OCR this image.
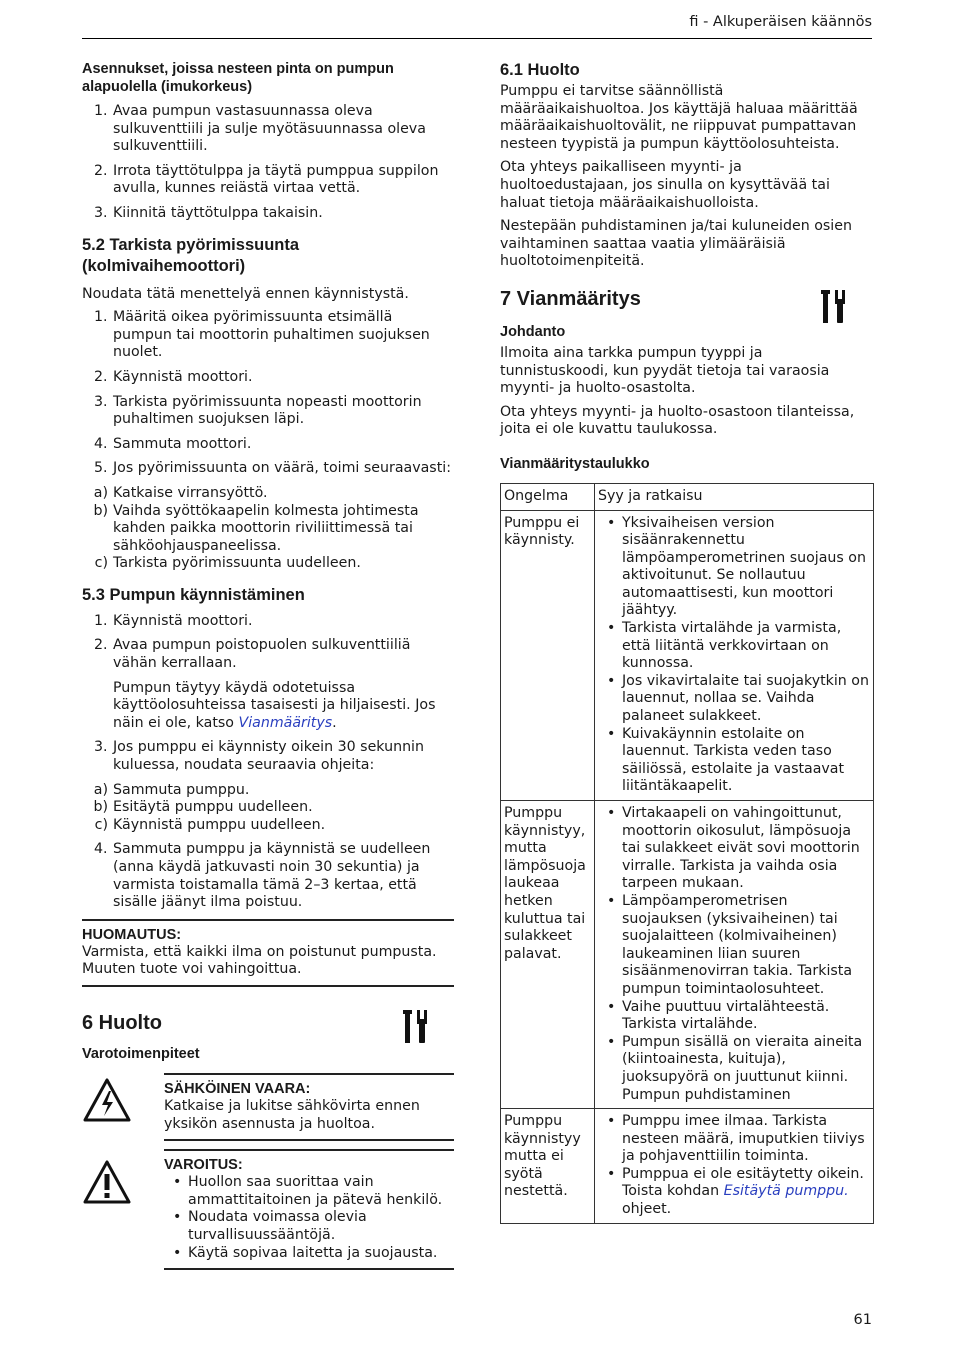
fi - Alkuperäisen käännös

Asennukset, joissa nesteen pinta on pumpun alapuolella (imukorkeus)

1. Avaa pumpun vastasuunnassa oleva sulkuventtiili ja sulje myötäsuunnassa oleva sulkuventtiili.
2. Irrota täyttötulppa ja täytä pumppua suppilon avulla, kunnes reiästä virtaa vettä.
3. Kiinnitä täyttötulppa takaisin.

5.2 Tarkista pyörimissuunta (kolmivaihemoottori)

Noudata tätä menettelyä ennen käynnistystä.

1. Määritä oikea pyörimissuunta etsimällä pumpun tai moottorin puhaltimen suojuksen nuolet.
2. Käynnistä moottori.
3. Tarkista pyörimissuunta nopeasti moottorin puhaltimen suojuksen läpi.
4. Sammuta moottori.
5. Jos pyörimissuunta on väärä, toimi seuraavasti:
a) Katkaise virransyöttö.
b) Vaihda syöttökaapelin kolmesta johtimesta kahden paikka moottorin riviliittimessä tai sähköohjauspaneelissa.
c) Tarkista pyörimissuunta uudelleen.

5.3 Pumpun käynnistäminen

1. Käynnistä moottori.
2. Avaa pumpun poistopuolen sulkuventtiiliä vähän kerrallaan.
Pumpun täytyy käydä odotetuissa käyttöolosuhteissa tasaisesti ja hiljaisesti. Jos näin ei ole, katso Vianmääritys.
3. Jos pumppu ei käynnisty oikein 30 sekunnin kuluessa, noudata seuraavia ohjeita:
a) Sammuta pumppu.
b) Esitäytä pumppu uudelleen.
c) Käynnistä pumppu uudelleen.
4. Sammuta pumppu ja käynnistä se uudelleen (anna käydä jatkuvasti noin 30 sekuntia) ja varmista toistamalla tämä 2–3 kertaa, että sisälle jäänyt ilma poistuu.
HUOMAUTUS:
Varmista, että kaikki ilma on poistunut pumpusta. Muuten tuote voi vahingoittua.

6 Huolto

Varotoimenpiteet

SÄHKÖINEN VAARA:
Katkaise ja lukitse sähkövirta ennen yksikön asennusta ja huoltoa.
VAROITUS:
• Huollon saa suorittaa vain ammattitaitoinen ja pätevä henkilö.
• Noudata voimassa olevia turvallisuussääntöjä.
• Käytä sopivaa laitetta ja suojausta.

6.1 Huolto

Pumppu ei tarvitse säännöllistä määräaikaishuoltoa. Jos käyttäjä haluaa määrittää määräaikaishuoltovälit, ne riippuvat pumpattavan nesteen tyypistä ja pumpun käyttöolosuhteista.

Ota yhteys paikalliseen myynti- ja huoltoedustajaan, jos sinulla on kysyttävää tai haluat tietoja määräaikaishuolloista.

Nestepään puhdistaminen ja/tai kuluneiden osien vaihtaminen saattaa vaatia ylimääräisiä huoltotoimenpiteitä.

7 Vianmääritys

Johdanto

Ilmoita aina tarkka pumpun tyyppi ja tunnistuskoodi, kun pyydät tietoja tai varaosia myynti- ja huolto-osastolta.

Ota yhteys myynti- ja huolto-osastoon tilanteissa, joita ei ole kuvattu taulukossa.

Vianmääritystaulukko

Ongelma	Syy ja ratkaisu
Pumppu ei käynnisty.	• Yksivaiheisen version sisäänrakennettu lämpöamperometrinen suojaus on aktivoitunut. Se nollautuu automaattisesti, kun moottori jäähtyy.
• Tarkista virtalähde ja varmista, että liitäntä verkkovirtaan on kunnossa.
• Jos vikavirtalaite tai suojakytkin on lauennut, nollaa se. Vaihda palaneet sulakkeet.
• Kuivakäynnin estolaite on lauennut. Tarkista veden taso säiliössä, estolaite ja vastaavat liitäntäkaapelit.

Pumppu käynnistyy, mutta lämpösuoja laukeaa hetken kuluttua tai sulakkeet palavat.	• Virtakaapeli on vahingoittunut, moottorin oikosulut, lämpösuoja tai sulakkeet eivät sovi moottorin virralle. Tarkista ja vaihda osia tarpeen mukaan.
• Lämpöamperometrisen suojauksen (yksivaiheinen) tai suojalaitteen (kolmivaiheinen) laukeaminen liian suuren sisäänmenovirran takia. Tarkista pumpun toimintaolosuhteet.
• Vaihe puuttuu virtalähteestä. Tarkista virtalähde.
• Pumpun sisällä on vieraita aineita (kiintoainesta, kuituja), juoksupyörä on juuttunut kiinni. Pumpun puhdistaminen

Pumppu käynnistyy mutta ei syötä nestettä.	• Pumppu imee ilmaa. Tarkista nesteen määrä, imuputkien tiiviys ja pohjaventtiilin toiminta.
• Pumppua ei ole esitäytetty oikein. Toista kohdan Esitäytä pumppu. ohjeet.
61
